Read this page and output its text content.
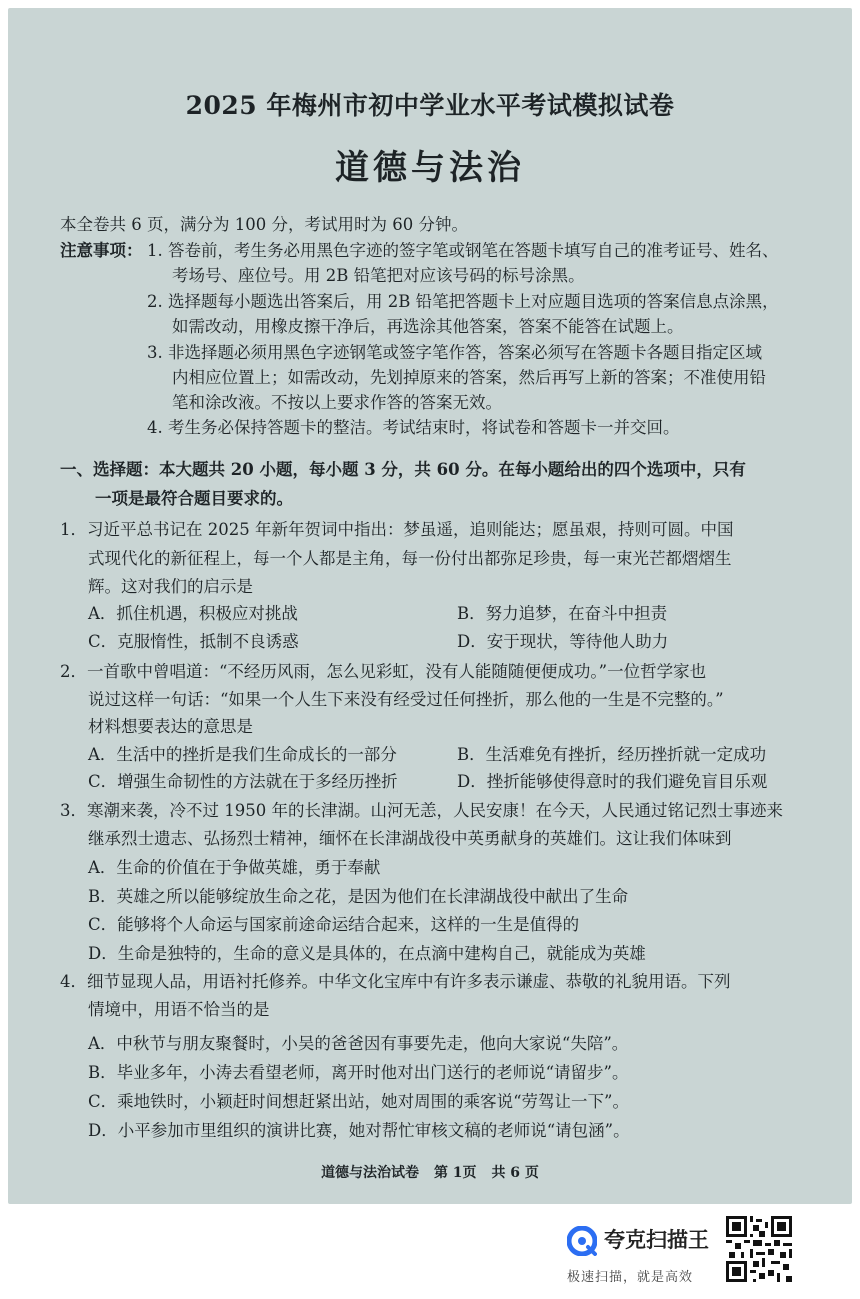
2025 年梅州市初中学业水平考试模拟试卷
道德与法治
本全卷共 6 页，满分为 100 分，考试用时为 60 分钟。
注意事项： 1. 答卷前，考生务必用黑色字迹的签字笔或钢笔在答题卡填写自己的准考证号、姓名、
考场号、座位号。用 2B 铅笔把对应该号码的标号涂黑。
2. 选择题每小题选出答案后，用 2B 铅笔把答题卡上对应题目选项的答案信息点涂黑，
如需改动，用橡皮擦干净后，再选涂其他答案，答案不能答在试题上。
3. 非选择题必须用黑色字迹钢笔或签字笔作答，答案必须写在答题卡各题目指定区域
内相应位置上；如需改动，先划掉原来的答案，然后再写上新的答案；不准使用铅
笔和涂改液。不按以上要求作答的答案无效。
4. 考生务必保持答题卡的整洁。考试结束时，将试卷和答题卡一并交回。
一、选择题：本大题共 20 小题，每小题 3 分，共 60 分。在每小题给出的四个选项中，只有
一项是最符合题目要求的。
1．习近平总书记在 2025 年新年贺词中指出：梦虽遥，追则能达；愿虽艰，持则可圆。中国
式现代化的新征程上，每一个人都是主角，每一份付出都弥足珍贵，每一束光芒都熠熠生
辉。这对我们的启示是
A．抓住机遇，积极应对挑战	B．努力追梦，在奋斗中担责
C．克服惰性，抵制不良诱惑	D．安于现状，等待他人助力
2．一首歌中曾唱道：“不经历风雨，怎么见彩虹，没有人能随随便便成功。”一位哲学家也
说过这样一句话：“如果一个人生下来没有经受过任何挫折，那么他的一生是不完整的。”
材料想要表达的意思是
A．生活中的挫折是我们生命成长的一部分	B．生活难免有挫折，经历挫折就一定成功
C．增强生命韧性的方法就在于多经历挫折	D．挫折能够使得意时的我们避免盲目乐观
3．寒潮来袭，冷不过 1950 年的长津湖。山河无恙，人民安康！在今天，人民通过铭记烈士事迹来
继承烈士遗志、弘扬烈士精神，缅怀在长津湖战役中英勇献身的英雄们。这让我们体味到
A．生命的价值在于争做英雄，勇于奉献
B．英雄之所以能够绽放生命之花，是因为他们在长津湖战役中献出了生命
C．能够将个人命运与国家前途命运结合起来，这样的一生是值得的
D．生命是独特的，生命的意义是具体的，在点滴中建构自己，就能成为英雄
4．细节显现人品，用语衬托修养。中华文化宝库中有许多表示谦虚、恭敬的礼貌用语。下列
情境中，用语不恰当的是
A．中秋节与朋友聚餐时，小吴的爸爸因有事要先走，他向大家说“失陪”。
B．毕业多年，小涛去看望老师，离开时他对出门送行的老师说“请留步”。
C．乘地铁时，小颖赶时间想赶紧出站，她对周围的乘客说“劳驾让一下”。
D．小平参加市里组织的演讲比赛，她对帮忙审核文稿的老师说“请包涵”。
道德与法治试卷 第 1页 共 6 页
夸克扫描王
极速扫描，就是高效
